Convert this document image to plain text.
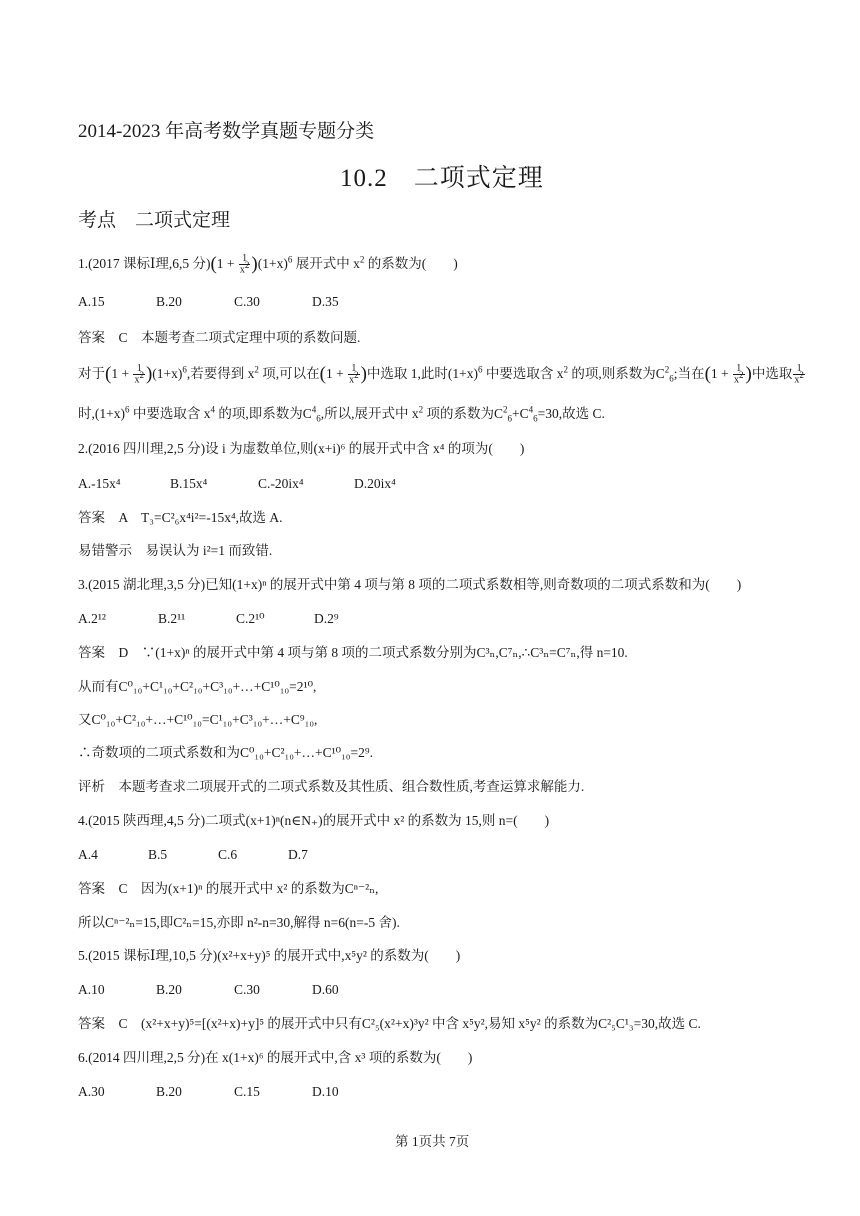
2014-2023 年高考数学真题专题分类
10.2　二项式定理
考点　二项式定理
1.(2017 课标Ⅰ理,6,5 分)$(1 + \frac{1}{x^2} )(1+x)^6$ 展开式中 $x^2$ 的系数为(　　)
A.15	B.20	C.30	D.35
答案　C　本题考查二项式定理中项的系数问题.
对于$(1 + \frac{1}{x^2} )(1+x)^6$,若要得到 $x^2$ 项,可以在($1 + \frac{1}{x^2}$ )中选取 1,此时$(1+x)^6$ 中要选取含 $x^2$ 的项,则系数为$C^2_6$;当在($1 + \frac{1}{x^2}$ )中选取 $\frac{1}{x^2}$
时$,(1+x)^6$ 中要选取含 $x^4$ 的项,即系数为$C^4_6$,所以,展开式中 $x^2$ 项的系数为$C^2_6+C^4_6=30$,故选 C.
2.(2016 四川理,2,5 分)设 i 为虚数单位,则(x+i)⁶ 的展开式中含 x⁴ 的项为(　　)
A.-15x⁴	B.15x⁴	C.-20ix⁴	D.20ix⁴
答案　A　T₃=C²₆x⁴i²=-15x⁴,故选 A.
易错警示　易误认为 i²=1 而致错.
3.(2015 湖北理,3,5 分)已知(1+x)ⁿ 的展开式中第 4 项与第 8 项的二项式系数相等,则奇数项的二项式系数和为(　　)
A.2¹²	B.2¹¹	C.2¹⁰	D.2⁹
答案　D　∵(1+x)ⁿ 的展开式中第 4 项与第 8 项的二项式系数分别为C³ₙ,C⁷ₙ,∴C³ₙ=C⁷ₙ,得 n=10.
从而有C⁰₁₀+C¹₁₀+C²₁₀+C³₁₀+…+C¹⁰₁₀=2¹⁰,
又C⁰₁₀+C²₁₀+…+C¹⁰₁₀=C¹₁₀+C³₁₀+…+C⁹₁₀,
∴奇数项的二项式系数和为C⁰₁₀+C²₁₀+…+C¹⁰₁₀=2⁹.
评析　本题考查求二项展开式的二项式系数及其性质、组合数性质,考查运算求解能力.
4.(2015 陕西理,4,5 分)二项式(x+1)ⁿ(n∈N₊)的展开式中 x² 的系数为 15,则 n=(　　)
A.4	B.5	C.6	D.7
答案　C　因为(x+1)ⁿ 的展开式中 x² 的系数为Cⁿ⁻²ₙ,
所以Cⁿ⁻²ₙ=15,即C²ₙ=15,亦即 n²-n=30,解得 n=6(n=-5 舍).
5.(2015 课标Ⅰ理,10,5 分)(x²+x+y)⁵ 的展开式中,x⁵y² 的系数为(　　)
A.10	B.20	C.30	D.60
答案　C　(x²+x+y)⁵=[(x²+x)+y]⁵ 的展开式中只有C²₅(x²+x)³y² 中含 x⁵y²,易知 x⁵y² 的系数为C²₅C¹₃=30,故选 C.
6.(2014 四川理,2,5 分)在 x(1+x)⁶ 的展开式中,含 x³ 项的系数为(　　)
A.30	B.20	C.15	D.10
第 1页共 7页
